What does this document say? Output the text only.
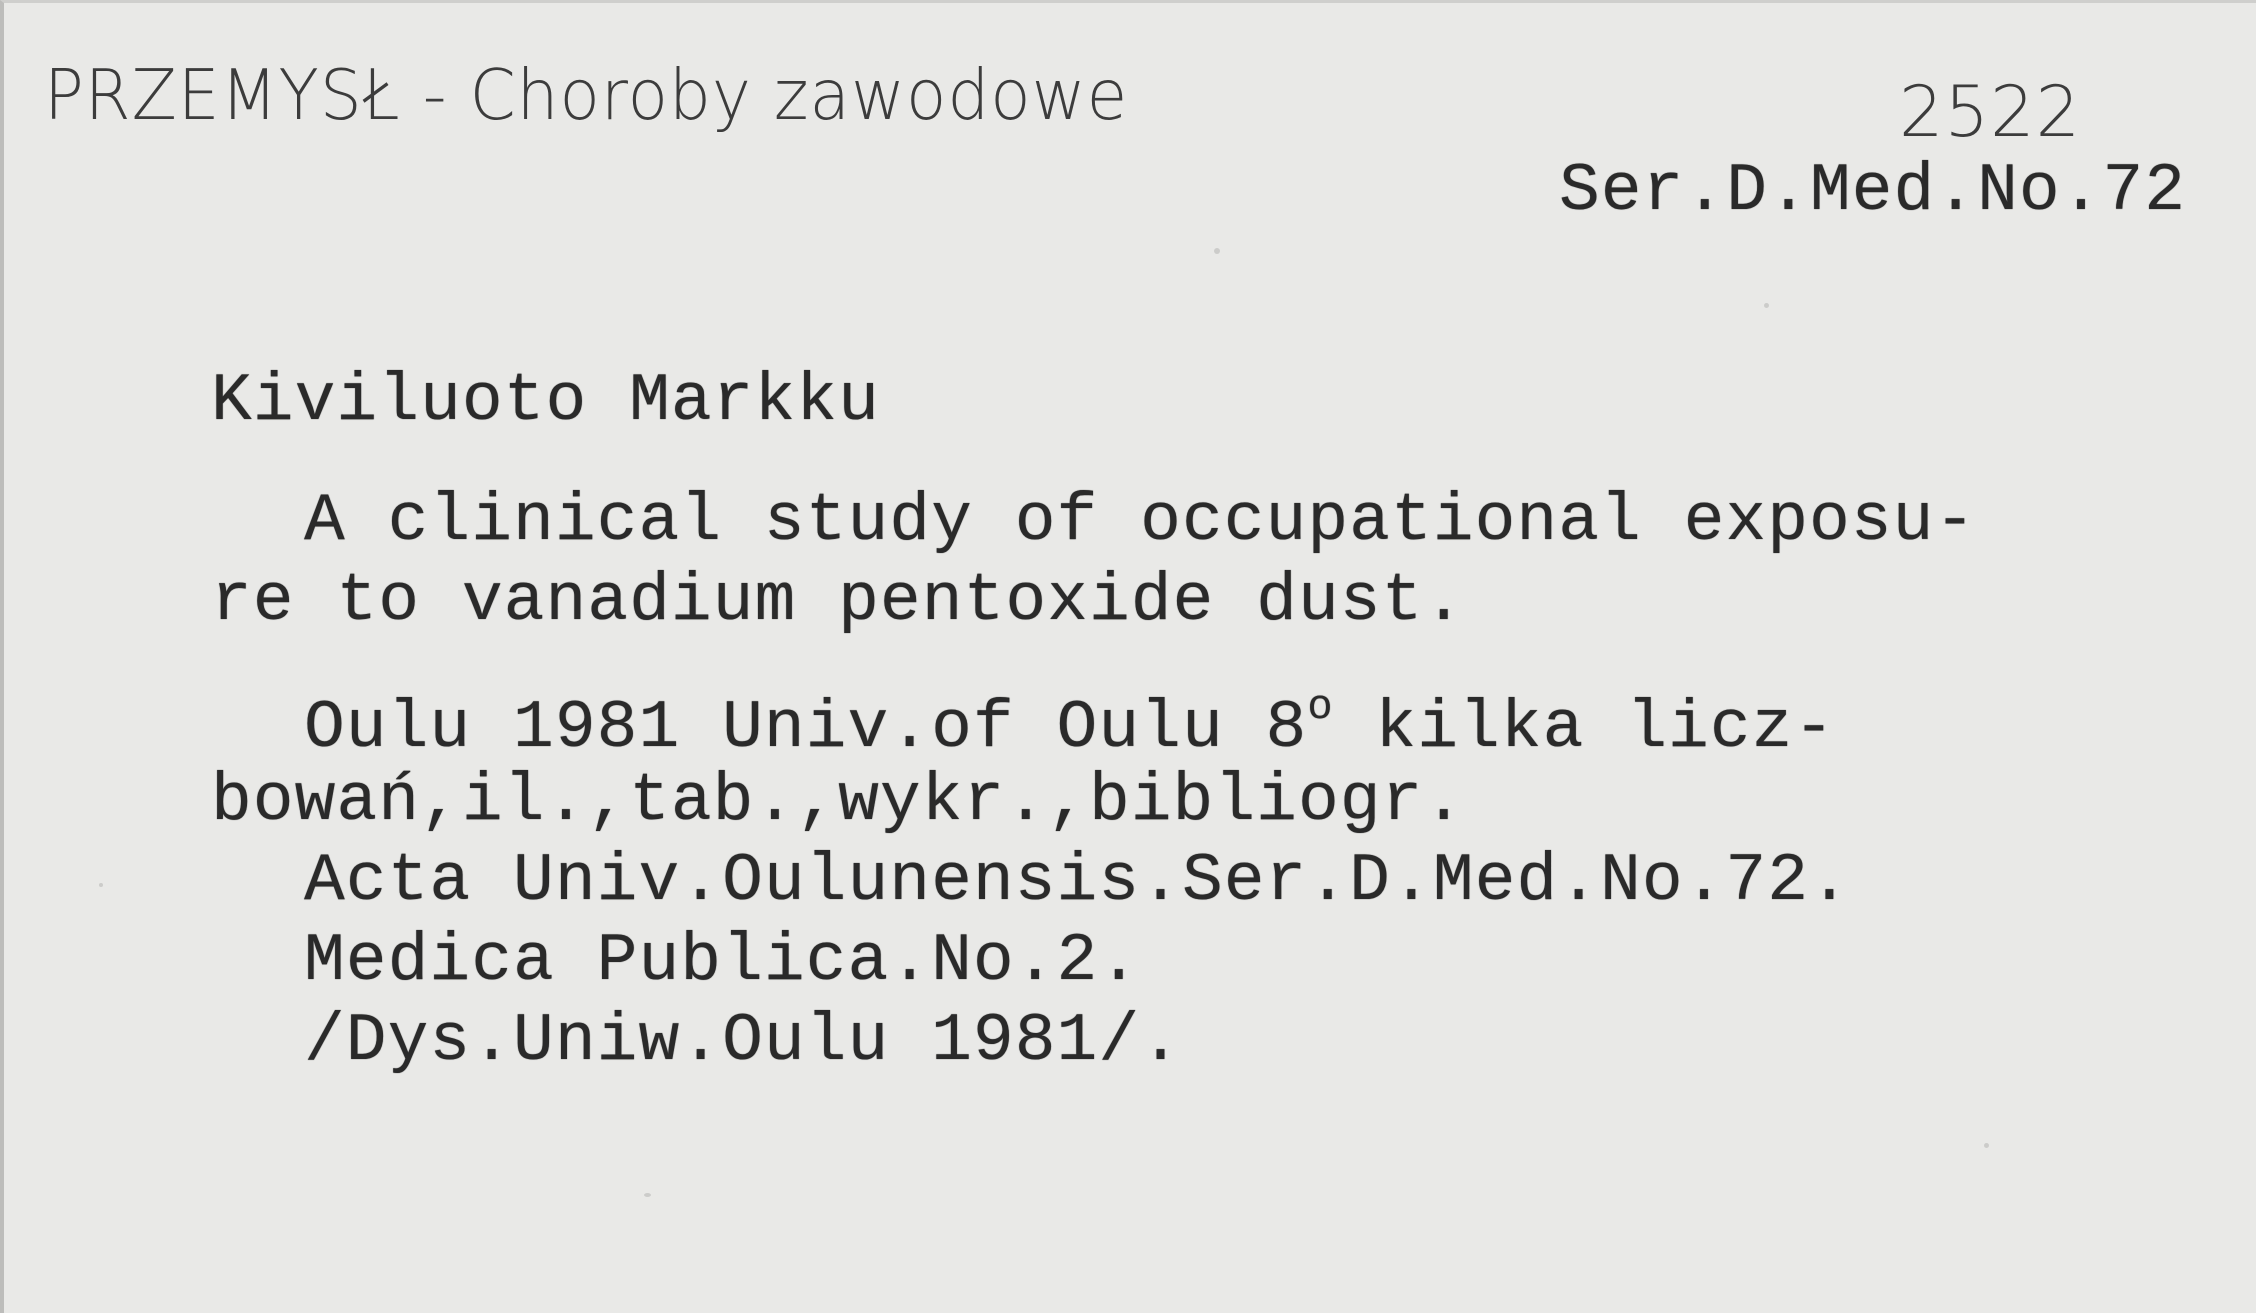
PRZEMYSŁ - Choroby zawodowe	2522
Ser.D.Med.No.72
Kiviluoto Markku
A clinical study of occupational exposu-
re to vanadium pentoxide dust.
Oulu 1981 Univ.of Oulu 8$^o$ kilka licz-
bowań,il.,tab.,wykr.,bibliogr.
Acta Univ.Oulunensis.Ser.D.Med.No.72.
Medica Publica.No.2.
/Dys.Uniw.Oulu 1981/.
